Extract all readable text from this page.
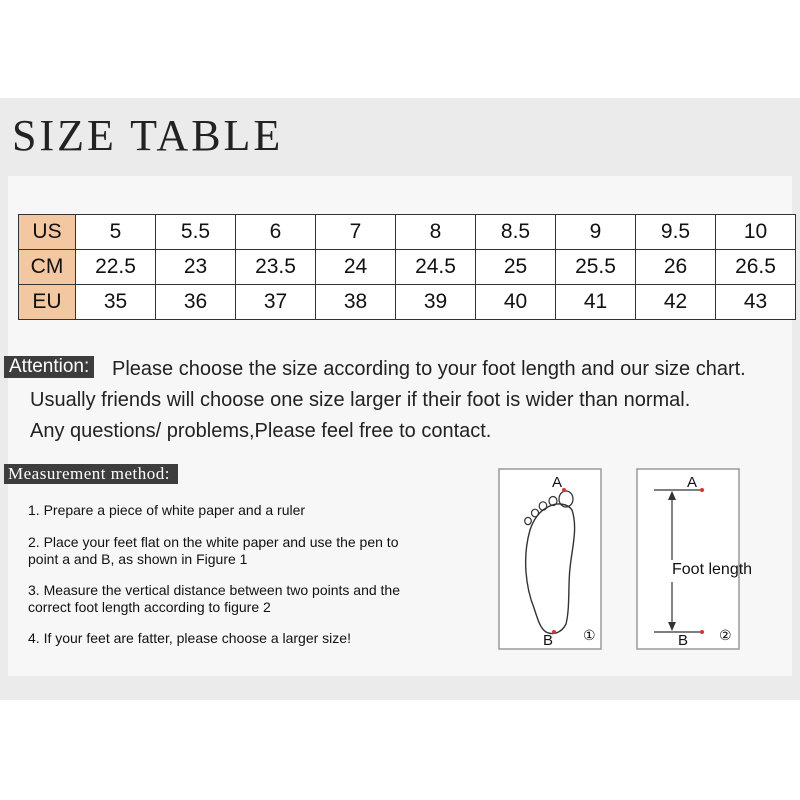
SIZE TABLE
US	5	5.5	6	7	8	8.5	9	9.5	10
CM	22.5	23	23.5	24	24.5	25	25.5	26	26.5
EU	35	36	37	38	39	40	41	42	43
Attention: Please choose the size according to your foot length and our size chart.
Usually friends will choose one size larger if their foot is wider than normal.
Any questions/ problems,Please feel free to contact.
Measurement method:
1. Prepare a piece of white paper and a ruler
2. Place your feet flat on the white paper and use the pen to
point a and B, as shown in Figure 1
3. Measure the vertical distance between two points and the
correct foot length according to figure 2
4. If your feet are fatter, please choose a larger size!
A
B ①
A
Foot length
B ②
